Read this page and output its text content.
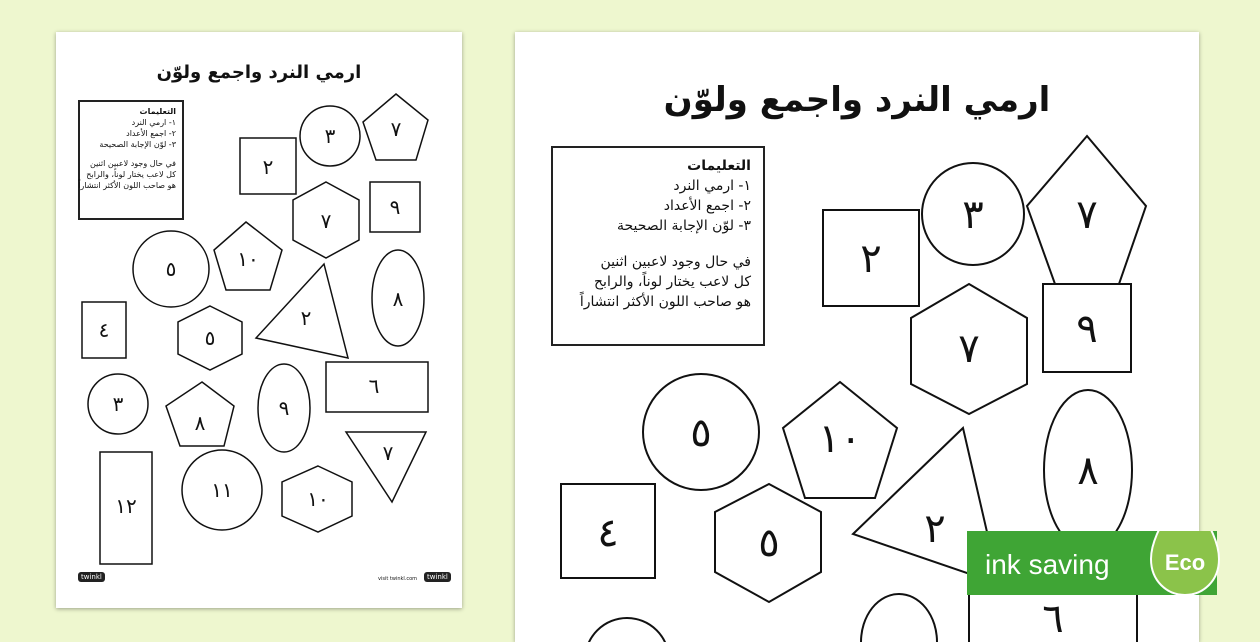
ارمي النرد واجمع ولوّن
التعليمات
١- ارمي النرد
٢- اجمع الأعداد
٣- لوّن الإجابة الصحيحة
في حال وجود لاعبين اثنين
كل لاعب يختار لوناً، والرابح
هو صاحب اللون الأكثر انتشاراً
٧
٣
٢
٩
٧
٥	١٠
٨
٤	٢
٥
٦
٣
٨
٩
٧
١٢
١١	١٠
twinkl	visit twinkl.com	twinkl
ارمي النرد واجمع ولوّن
التعليمات
١- ارمي النرد
٢- اجمع الأعداد
٣- لوّن الإجابة الصحيحة
في حال وجود لاعبين اثنين
كل لاعب يختار لوناً، والرابح
هو صاحب اللون الأكثر انتشاراً
٧
٣
٢
٧ ٩
٥	١٠
٨
٢
٤	٥
٦
ink saving	Eco
